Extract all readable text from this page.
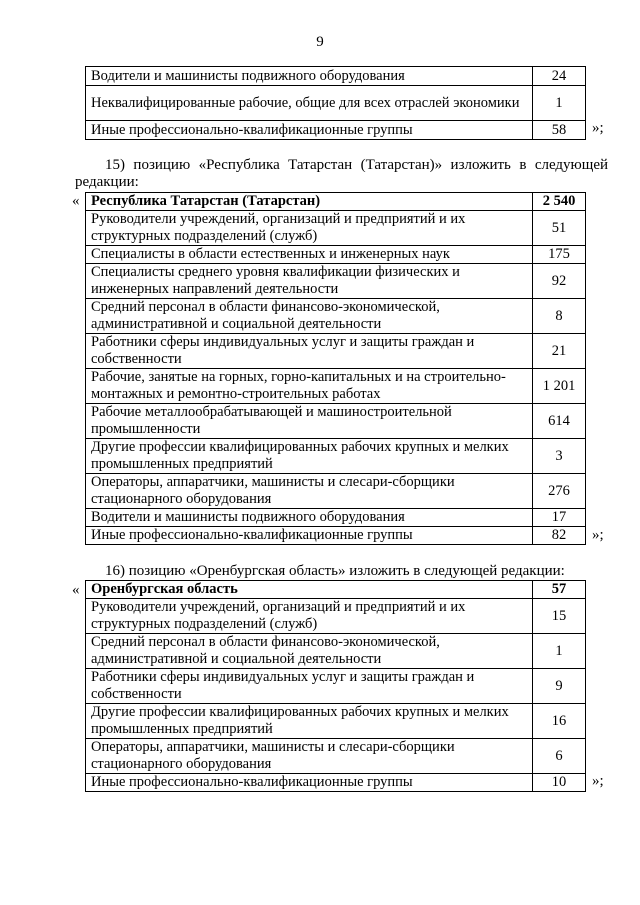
9
Водители и машинисты подвижного оборудования	24
Неквалифицированные рабочие, общие для всех отраслей экономики	1
Иные профессионально-квалификационные группы	58 »;
15) позицию «Республика Татарстан (Татарстан)» изложить в следующей
редакции:
« Республика Татарстан (Татарстан)	2 540
Руководители учреждений, организаций и предприятий и их структурных подразделений (служб)	51
Специалисты в области естественных и инженерных наук	175
Специалисты среднего уровня квалификации физических и инженерных направлений деятельности	92
Средний персонал в области финансово-экономической, административной и социальной деятельности	8
Работники сферы индивидуальных услуг и защиты граждан и собственности	21
Рабочие, занятые на горных, горно-капитальных и на строительно-монтажных и ремонтно-строительных работах	1 201
Рабочие металлообрабатывающей и машиностроительной промышленности	614
Другие профессии квалифицированных рабочих крупных и мелких промышленных предприятий	3
Операторы, аппаратчики, машинисты и слесари-сборщики стационарного оборудования	276
Водители и машинисты подвижного оборудования	17
Иные профессионально-квалификационные группы	82 »;
16) позицию «Оренбургская область» изложить в следующей редакции:
« Оренбургская область	57
Руководители учреждений, организаций и предприятий и их структурных подразделений (служб)	15
Средний персонал в области финансово-экономической, административной и социальной деятельности	1
Работники сферы индивидуальных услуг и защиты граждан и собственности	9
Другие профессии квалифицированных рабочих крупных и мелких промышленных предприятий	16
Операторы, аппаратчики, машинисты и слесари-сборщики стационарного оборудования	6
Иные профессионально-квалификационные группы	10 »;
